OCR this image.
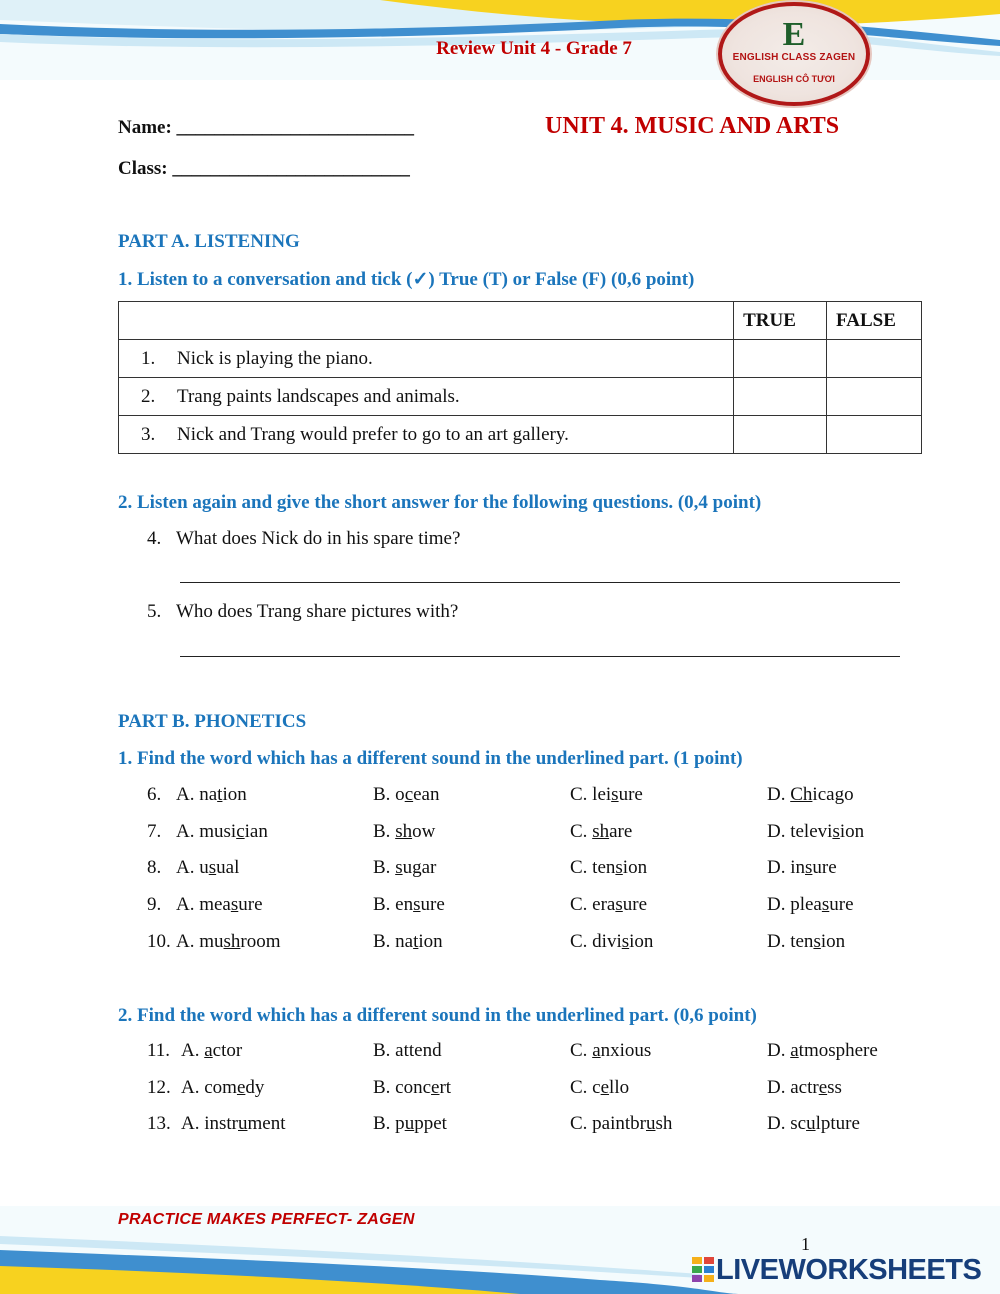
Review Unit 4 - Grade 7	E
ENGLISH CLASS ZAGEN
ENGLISH CÔ TƯƠI
Name: _________________________
Class: _________________________
UNIT 4. MUSIC AND ARTS
PART A. LISTENING
1. Listen to a conversation and tick (✓) True (T) or False (F) (0,6 point)
	TRUE	FALSE
1. Nick is playing the piano.		
2. Trang paints landscapes and animals.		
3. Nick and Trang would prefer to go to an art gallery.		
2. Listen again and give the short answer for the following questions. (0,4 point)
4. What does Nick do in his spare time?
5. Who does Trang share pictures with?
PART B. PHONETICS
1. Find the word which has a different sound in the underlined part. (1 point)
6. A. nation	B. ocean	C. leisure	D. Chicago
7. A. musician	B. show	C. share	D. television
8. A. usual	B. sugar	C. tension	D. insure
9. A. measure	B. ensure	C. erasure	D. pleasure
10. A. mushroom	B. nation	C. division	D. tension
2. Find the word which has a different sound in the underlined part. (0,6 point)
11. A. actor	B. attend	C. anxious	D. atmosphere
12. A. comedy	B. concert	C. cello	D. actress
13. A. instrument	B. puppet	C. paintbrush	D. sculpture
PRACTICE MAKES PERFECT- ZAGEN
1
LIVEWORKSHEETS
